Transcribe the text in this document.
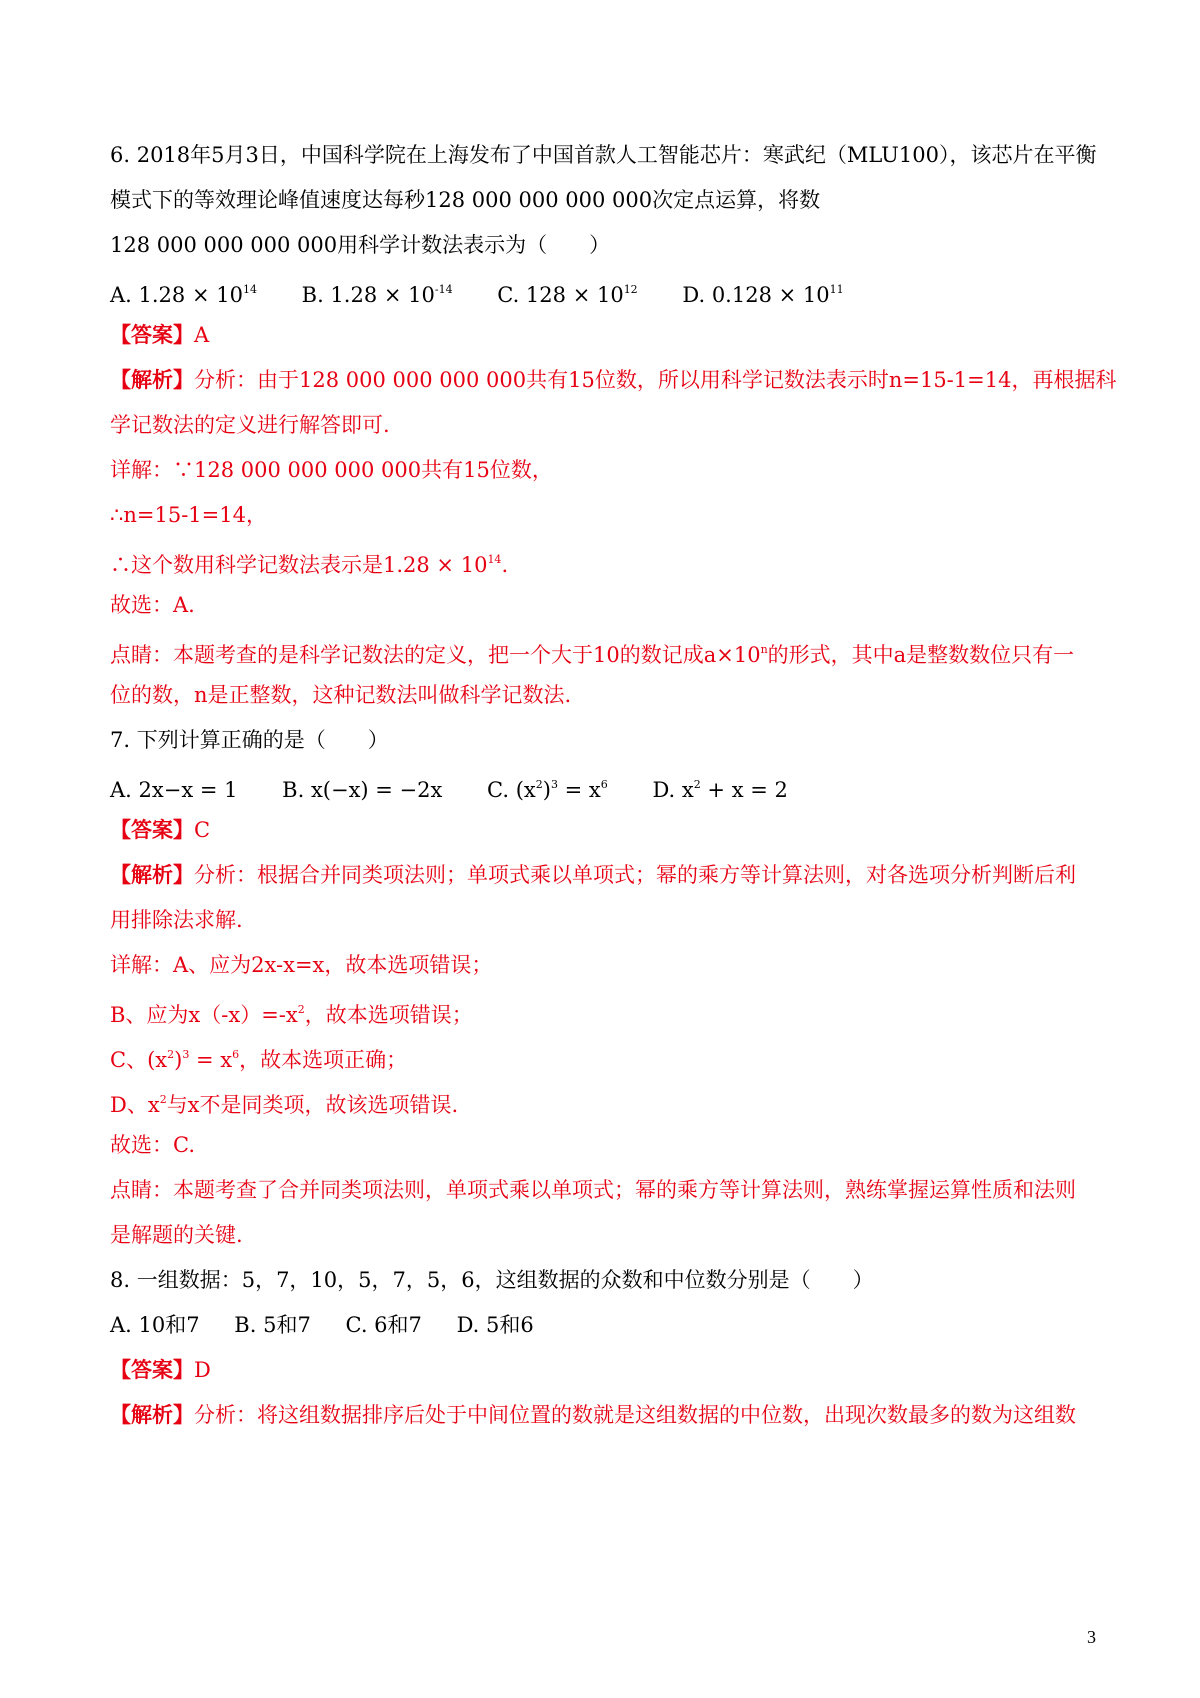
6. 2018年5月3日，中国科学院在上海发布了中国首款人工智能芯片：寒武纪（MLU100），该芯片在平衡
模式下的等效理论峰值速度达每秒128 000 000 000 000次定点运算，将数
128 000 000 000 000用科学计数法表示为（　　）
A. $1.28 \times 10^{14}$ B. $1.28 \times 10^{-14}$ C. $128 \times 10^{12}$ D. $0.128 \times 10^{11}$
【答案】A
【解析】分析：由于128 000 000 000 000共有15位数，所以用科学记数法表示时n=15-1=14，再根据科
学记数法的定义进行解答即可.
详解：∵128 000 000 000 000共有15位数，
∴n=15-1=14，
∴这个数用科学记数法表示是$1.28 \times 10^{14}$.
故选：A.
点睛：本题考查的是科学记数法的定义，把一个大于10的数记成$a\times 10^n$的形式，其中a是整数数位只有一
位的数，n是正整数，这种记数法叫做科学记数法.
7. 下列计算正确的是（　　）
A. 2x−x = 1 B. x(−x) = −2x C. $(x^2)^3 = x^6$ D. $x^2 + x = 2$
【答案】C
【解析】分析：根据合并同类项法则；单项式乘以单项式；幂的乘方等计算法则，对各选项分析判断后利
用排除法求解.
详解：A、应为2x-x=x，故本选项错误；
B、应为$x(-x)=-x^2$，故本选项错误；
C、$(x^2)^3 = x^6$，故本选项正确；
D、$x^2$与x不是同类项，故该选项错误.
故选：C.
点睛：本题考查了合并同类项法则，单项式乘以单项式；幂的乘方等计算法则，熟练掌握运算性质和法则
是解题的关键.
8. 一组数据：5，7，10，5，7，5，6，这组数据的众数和中位数分别是（　　）
A. 10和7 B. 5和7 C. 6和7 D. 5和6
【答案】D
【解析】分析：将这组数据排序后处于中间位置的数就是这组数据的中位数，出现次数最多的数为这组数
3
